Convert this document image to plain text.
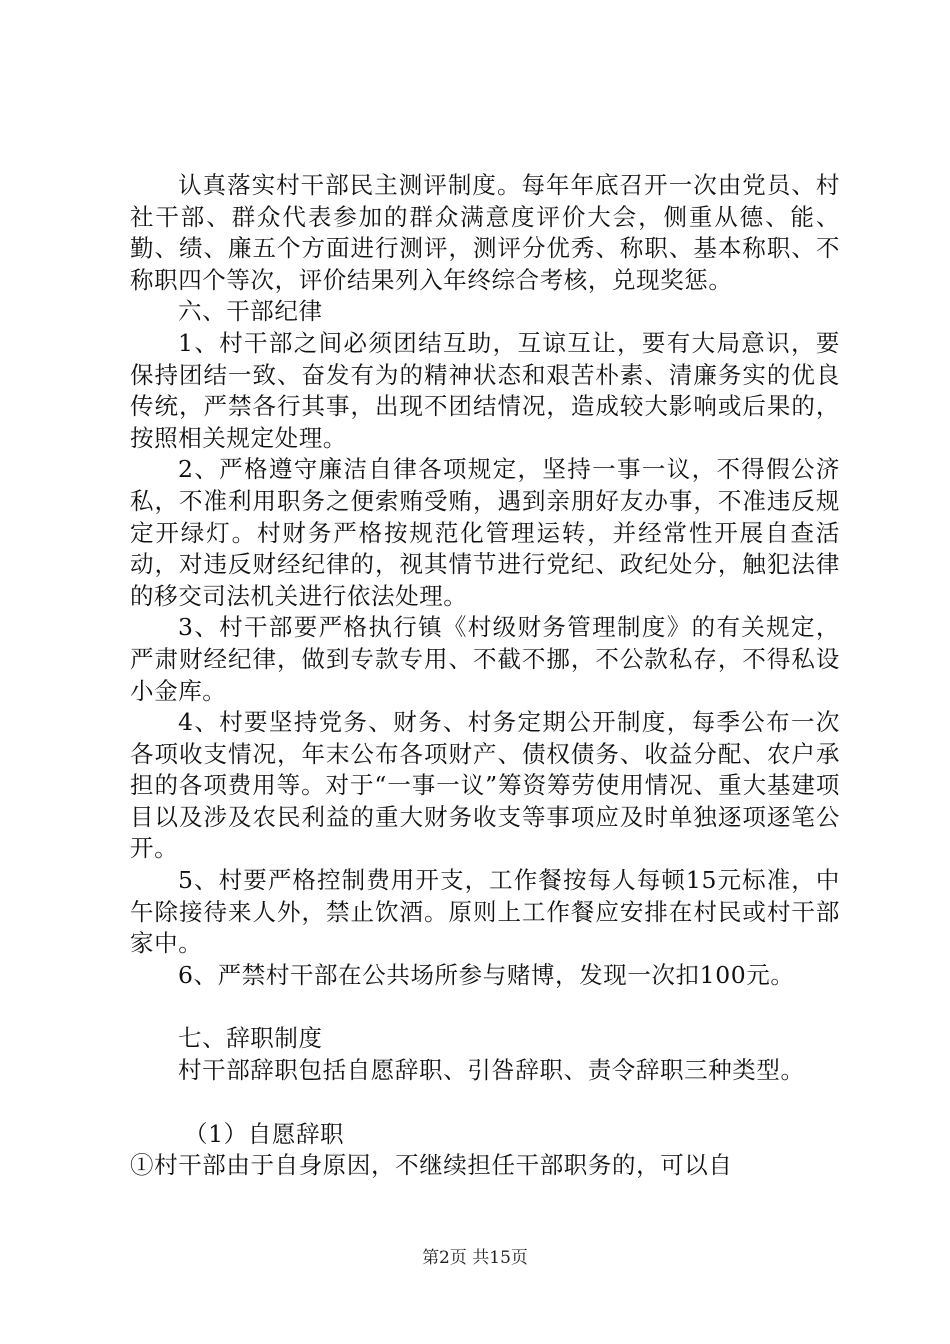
认真落实村干部民主测评制度。每年年底召开一次由党员、村社干部、群众代表参加的群众满意度评价大会，侧重从德、能、勤、绩、廉五个方面进行测评，测评分优秀、称职、基本称职、不称职四个等次，评价结果列入年终综合考核，兑现奖惩。

六、干部纪律

1、村干部之间必须团结互助，互谅互让，要有大局意识，要保持团结一致、奋发有为的精神状态和艰苦朴素、清廉务实的优良传统，严禁各行其事，出现不团结情况，造成较大影响或后果的，按照相关规定处理。

2、严格遵守廉洁自律各项规定，坚持一事一议，不得假公济私，不准利用职务之便索贿受贿，遇到亲朋好友办事，不准违反规定开绿灯。村财务严格按规范化管理运转，并经常性开展自查活动，对违反财经纪律的，视其情节进行党纪、政纪处分，触犯法律的移交司法机关进行依法处理。

3、村干部要严格执行镇《村级财务管理制度》的有关规定，严肃财经纪律，做到专款专用、不截不挪，不公款私存，不得私设小金库。

4、村要坚持党务、财务、村务定期公开制度，每季公布一次各项收支情况，年末公布各项财产、债权债务、收益分配、农户承担的各项费用等。对于“一事一议”筹资筹劳使用情况、重大基建项目以及涉及农民利益的重大财务收支等事项应及时单独逐项逐笔公开。

5、村要严格控制费用开支，工作餐按每人每顿15元标准，中午除接待来人外，禁止饮酒。原则上工作餐应安排在村民或村干部家中。

6、严禁村干部在公共场所参与赌博，发现一次扣100元。

七、辞职制度

村干部辞职包括自愿辞职、引咎辞职、责令辞职三种类型。

（1）自愿辞职

①村干部由于自身原因，不继续担任干部职务的，可以自

第2页 共15页
